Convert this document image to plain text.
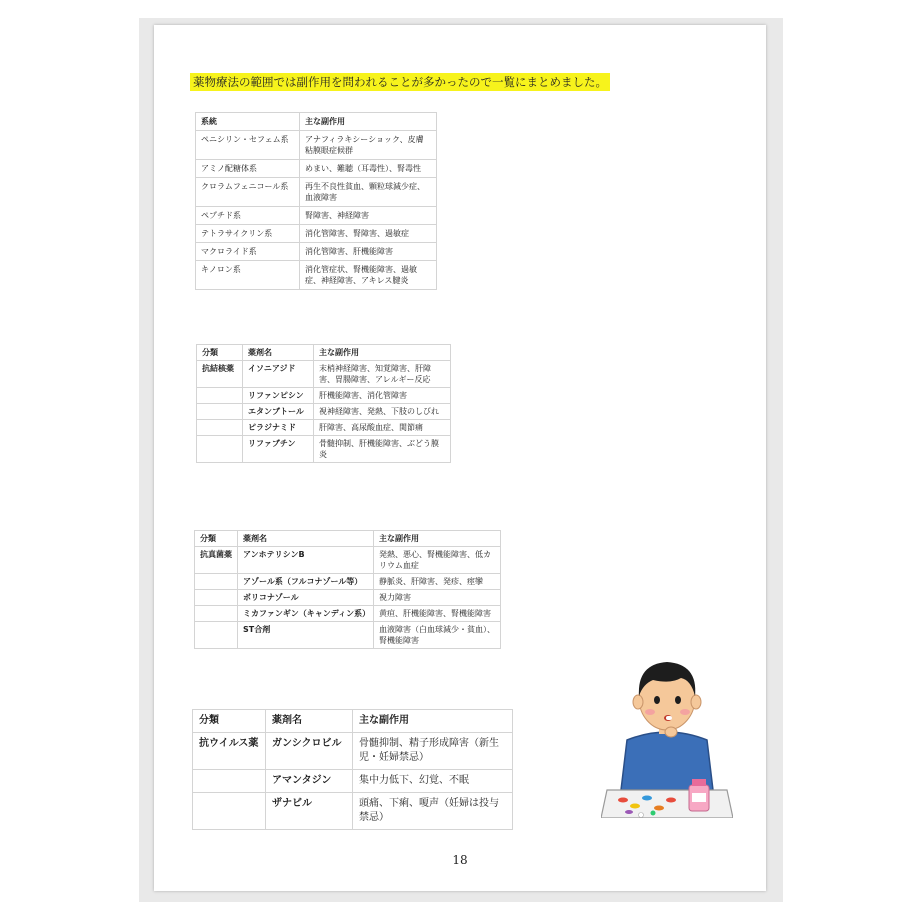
薬物療法の範囲では副作用を問われることが多かったので一覧にまとめました。
系統	主な副作用
ペニシリン・セフェム系	アナフィラキシーショック、皮膚粘膜眼症候群
アミノ配糖体系	めまい、難聴（耳毒性）、腎毒性
クロラムフェニコール系	再生不良性貧血、顆粒球減少症、血液障害
ペプチド系	腎障害、神経障害
テトラサイクリン系	消化管障害、腎障害、過敏症
マクロライド系	消化管障害、肝機能障害
キノロン系	消化管症状、腎機能障害、過敏症、神経障害、アキレス腱炎
分類	薬剤名	主な副作用
抗結核薬	イソニアジド	末梢神経障害、知覚障害、肝障害、胃腸障害、アレルギー反応
	リファンピシン	肝機能障害、消化管障害
	エタンブトール	視神経障害、発熱、下肢のしびれ
	ピラジナミド	肝障害、高尿酸血症、関節痛
	リファブチン	骨髄抑制、肝機能障害、ぶどう膜炎
分類	薬剤名	主な副作用
抗真菌薬	アンホテリシンB	発熱、悪心、腎機能障害、低カリウム血症
	アゾール系（フルコナゾール等）	静脈炎、肝障害、発疹、痙攣
	ボリコナゾール	視力障害
	ミカファンギン（キャンディン系）	黄疸、肝機能障害、腎機能障害
	ST合剤	血液障害（白血球減少・貧血）、腎機能障害
分類	薬剤名	主な副作用
抗ウイルス薬	ガンシクロビル	骨髄抑制、精子形成障害（新生児・妊婦禁忌）
	アマンタジン	集中力低下、幻覚、不眠
	ザナビル	頭痛、下痢、嗄声（妊婦は投与禁忌）
18
